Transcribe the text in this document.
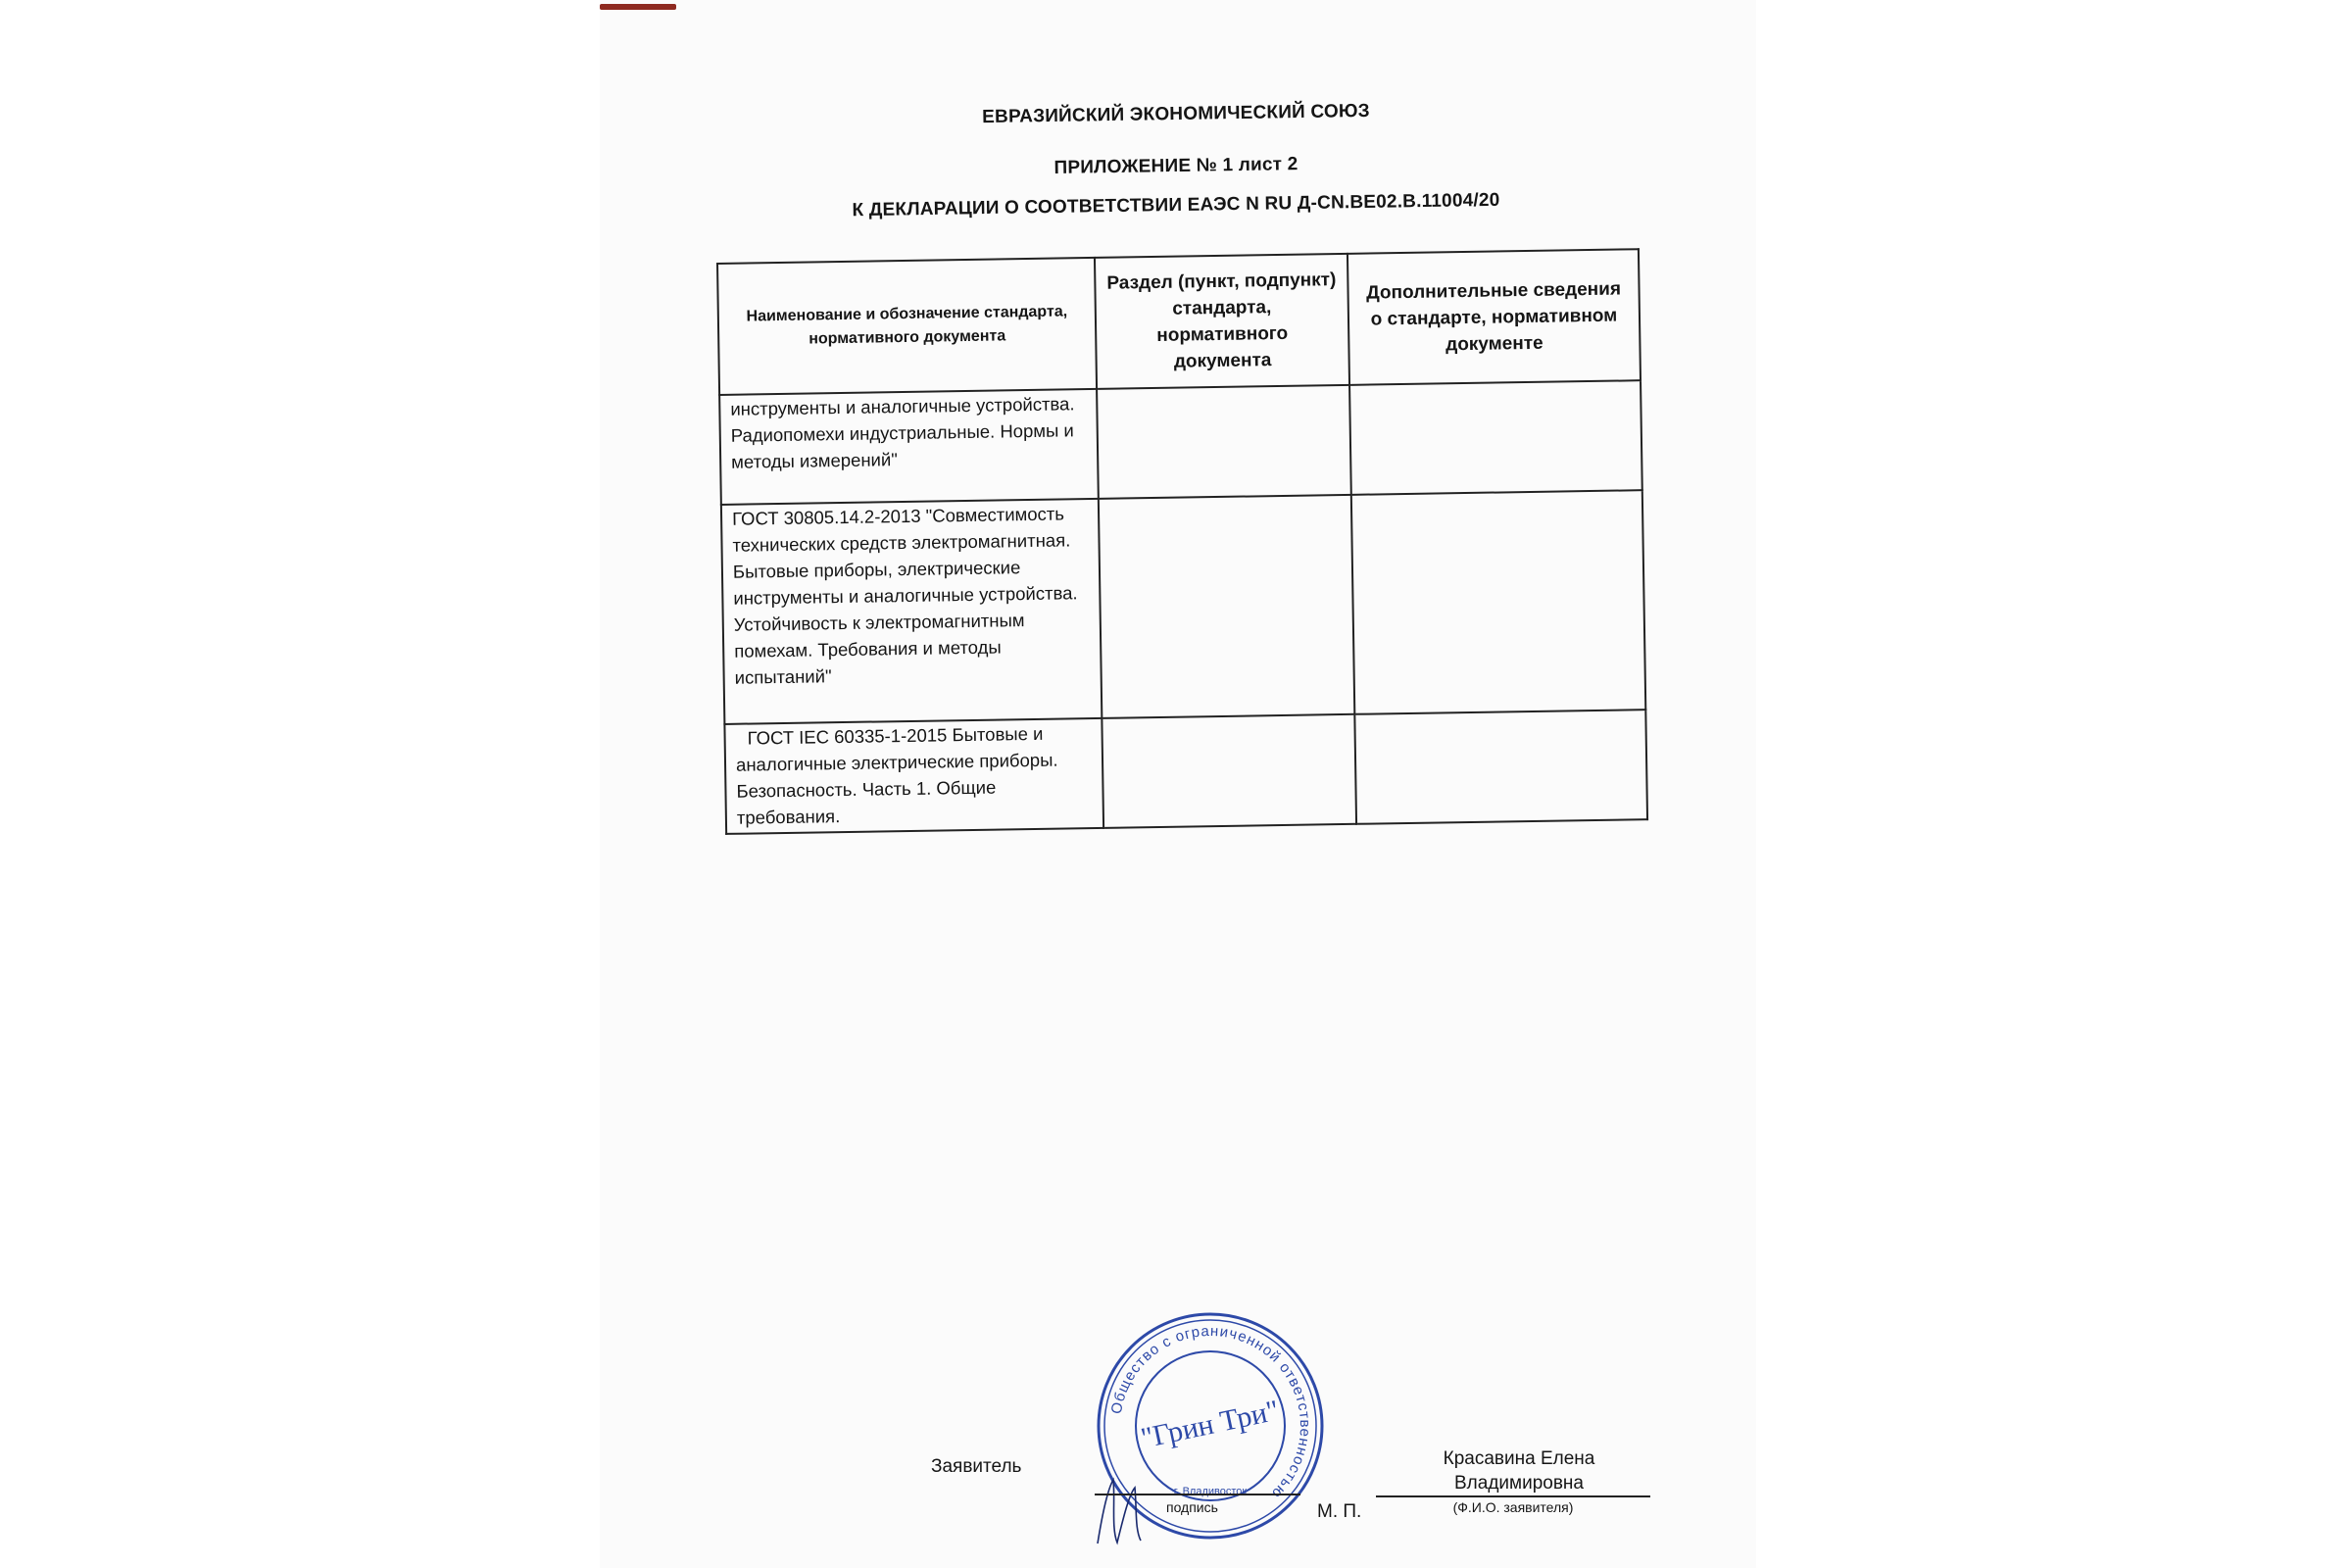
ЕВРАЗИЙСКИЙ ЭКОНОМИЧЕСКИЙ СОЮЗ
ПРИЛОЖЕНИЕ № 1 лист 2
К ДЕКЛАРАЦИИ О СООТВЕТСТВИИ ЕАЭС N RU Д-CN.ВЕ02.В.11004/20
Наименование и обозначение стандарта, нормативного документа	Раздел (пункт, подпункт) стандарта, нормативного документа	Дополнительные сведения о стандарте, нормативном документе
инструменты и аналогичные устройства. Радиопомехи индустриальные. Нормы и методы измерений"		
ГОСТ 30805.14.2-2013 "Совместимость технических средств электромагнитная. Бытовые приборы, электрические инструменты и аналогичные устройства. Устойчивость к электромагнитным помехам. Требования и методы испытаний"		
ГОСТ IEC 60335-1-2015 Бытовые и аналогичные электрические приборы. Безопасность. Часть 1. Общие требования.		
Заявитель
Общество с ограниченной ответственностью
"Грин Три"
г. Владивосток
подпись	М. П.
Красавина Елена
Владимировна
(Ф.И.О. заявителя)
